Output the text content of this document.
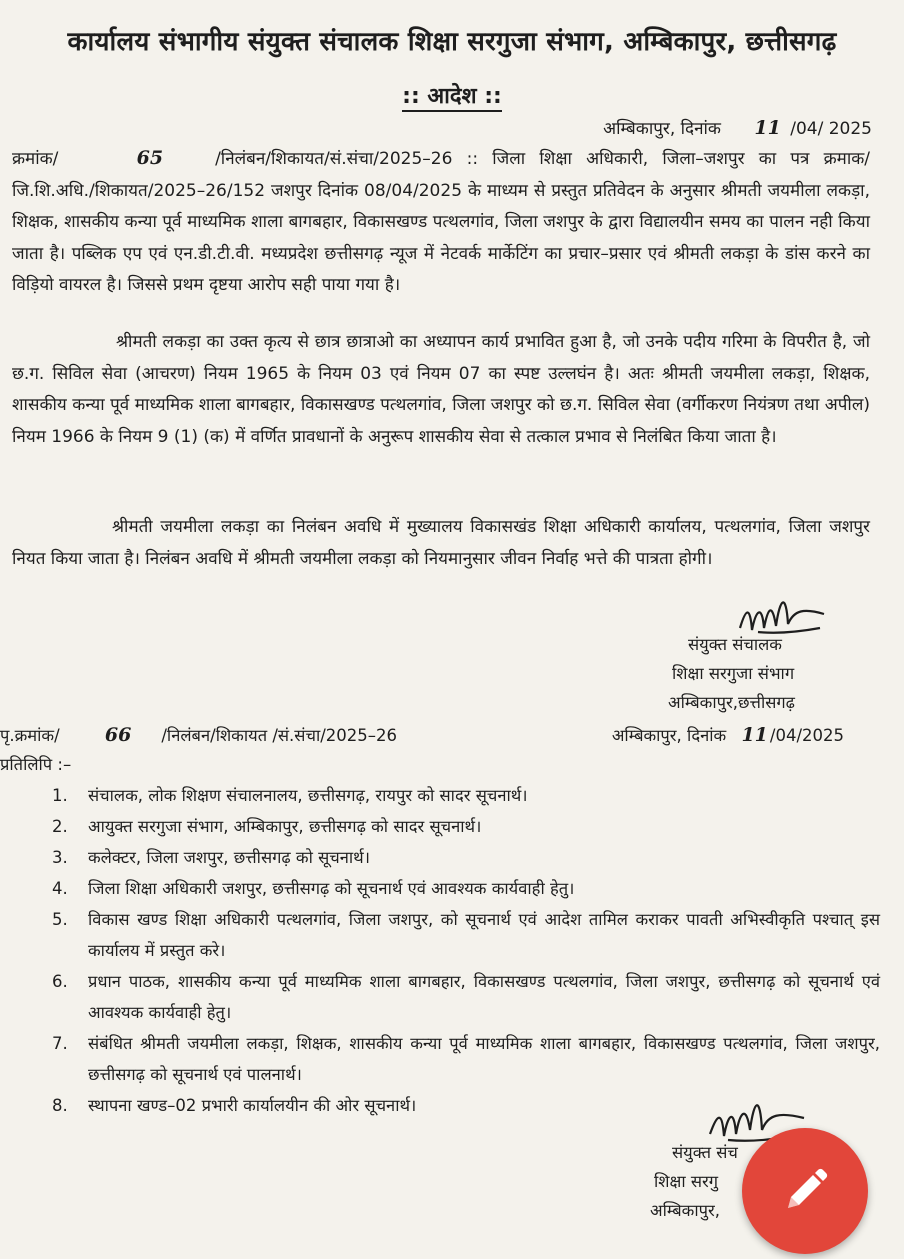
कार्यालय संभागीय संयुक्त संचालक शिक्षा सरगुजा संभाग, अम्बिकापुर, छत्तीसगढ़
:: आदेश ::
अम्बिकापुर, दिनांक 11 /04/ 2025
क्रमांक/	65	/निलंबन/शिकायत/सं.संचा/2025–26 :: जिला शिक्षा अधिकारी, जिला–जशपुर का पत्र क्रमाक/जि.शि.अधि./शिकायत/2025–26/152 जशपुर दिनांक 08/04/2025 के माध्यम से प्रस्तुत प्रतिवेदन के अनुसार श्रीमती जयमीला लकड़ा, शिक्षक, शासकीय कन्या पूर्व माध्यमिक शाला बागबहार, विकासखण्ड पत्थलगांव, जिला जशपुर के द्वारा विद्यालयीन समय का पालन नही किया जाता है। पब्लिक एप एवं एन.डी.टी.वी. मध्यप्रदेश छत्तीसगढ़ न्यूज में नेटवर्क मार्केटिंग का प्रचार–प्रसार एवं श्रीमती लकड़ा के डांस करने का विड़ियो वायरल है। जिससे प्रथम दृष्टया आरोप सही पाया गया है।
श्रीमती लकड़ा का उक्त कृत्य से छात्र छात्राओ का अध्यापन कार्य प्रभावित हुआ है, जो उनके पदीय गरिमा के विपरीत है, जो छ.ग. सिविल सेवा (आचरण) नियम 1965 के नियम 03 एवं नियम 07 का स्पष्ट उल्लघंन है। अतः श्रीमती जयमीला लकड़ा, शिक्षक, शासकीय कन्या पूर्व माध्यमिक शाला बागबहार, विकासखण्ड पत्थलगांव, जिला जशपुर को छ.ग. सिविल सेवा (वर्गीकरण नियंत्रण तथा अपील) नियम 1966 के नियम 9 (1) (क) में वर्णित प्रावधानों के अनुरूप शासकीय सेवा से तत्काल प्रभाव से निलंबित किया जाता है।
श्रीमती जयमीला लकड़ा का निलंबन अवधि में मुख्यालय विकासखंड शिक्षा अधिकारी कार्यालय, पत्थलगांव, जिला जशपुर नियत किया जाता है। निलंबन अवधि में श्रीमती जयमीला लकड़ा को नियमानुसार जीवन निर्वाह भत्ते की पात्रता होगी।
संयुक्त संचालक
शिक्षा सरगुजा संभाग
अम्बिकापुर,छत्तीसगढ़
पृ.क्रमांक/ 66 /निलंबन/शिकायत /सं.संचा/2025–26	अम्बिकापुर, दिनांक 11 /04/2025
प्रतिलिपि :–
1. संचालक, लोक शिक्षण संचालनालय, छत्तीसगढ़, रायपुर को सादर सूचनार्थ।
2. आयुक्त सरगुजा संभाग, अम्बिकापुर, छत्तीसगढ़ को सादर सूचनार्थ।
3. कलेक्टर, जिला जशपुर, छत्तीसगढ़ को सूचनार्थ।
4. जिला शिक्षा अधिकारी जशपुर, छत्तीसगढ़ को सूचनार्थ एवं आवश्यक कार्यवाही हेतु।
5. विकास खण्ड शिक्षा अधिकारी पत्थलगांव, जिला जशपुर, को सूचनार्थ एवं आदेश तामिल कराकर पावती अभिस्वीकृति पश्चात् इस कार्यालय में प्रस्तुत करे।
6. प्रधान पाठक, शासकीय कन्या पूर्व माध्यमिक शाला बागबहार, विकासखण्ड पत्थलगांव, जिला जशपुर, छत्तीसगढ़ को सूचनार्थ एवं आवश्यक कार्यवाही हेतु।
7. संबंधित श्रीमती जयमीला लकड़ा, शिक्षक, शासकीय कन्या पूर्व माध्यमिक शाला बागबहार, विकासखण्ड पत्थलगांव, जिला जशपुर, छत्तीसगढ़ को सूचनार्थ एवं पालनार्थ।
8. स्थापना खण्ड–02 प्रभारी कार्यालयीन की ओर सूचनार्थ।
संयुक्त संच
शिक्षा सरगु
अम्बिकापुर,
